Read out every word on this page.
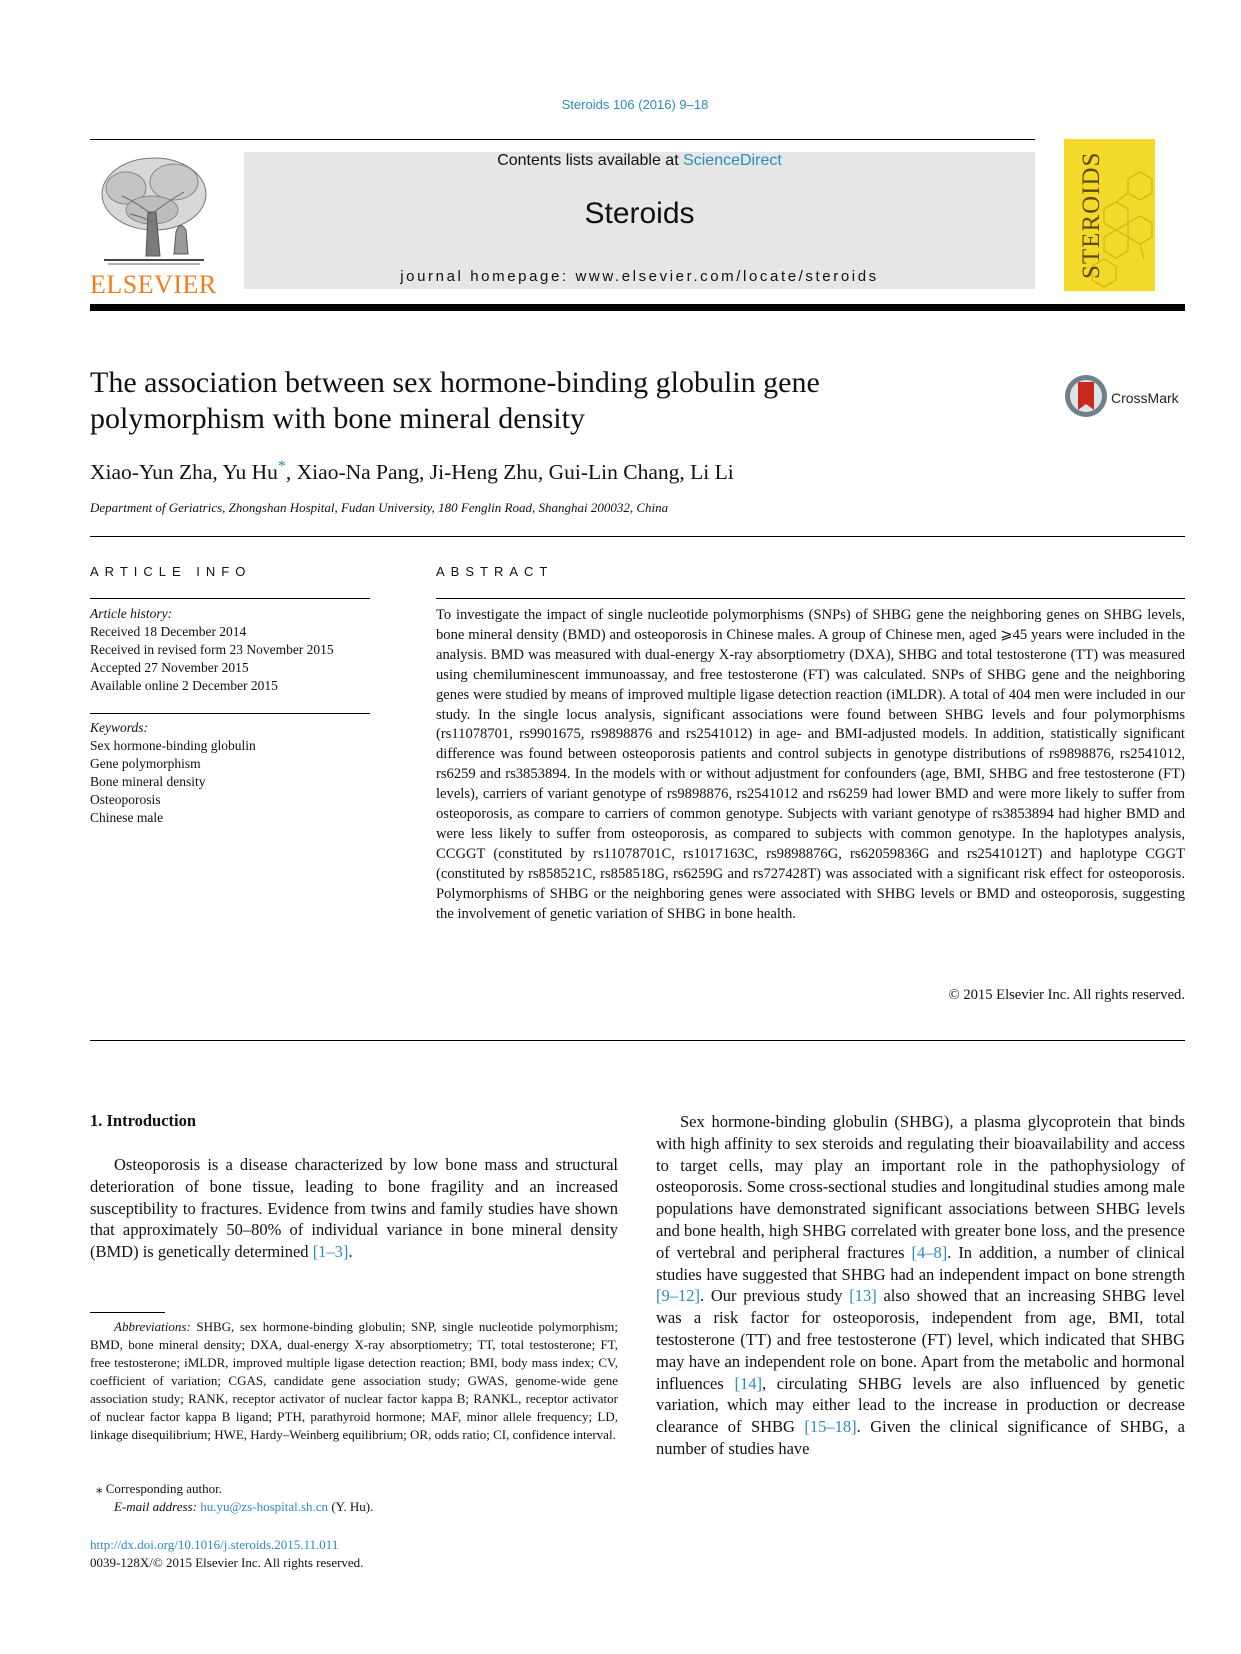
Steroids 106 (2016) 9–18
ELSEVIER
Contents lists available at ScienceDirect
Steroids
journal homepage: www.elsevier.com/locate/steroids	STEROIDS
The association between sex hormone-binding globulin gene polymorphism with bone mineral density
CrossMark
Xiao-Yun Zha, Yu Hu*, Xiao-Na Pang, Ji-Heng Zhu, Gui-Lin Chang, Li Li
Department of Geriatrics, Zhongshan Hospital, Fudan University, 180 Fenglin Road, Shanghai 200032, China
ARTICLE INFO	ABSTRACT
Article history:
Received 18 December 2014
Received in revised form 23 November 2015
Accepted 27 November 2015
Available online 2 December 2015
Keywords:
Sex hormone-binding globulin
Gene polymorphism
Bone mineral density
Osteoporosis
Chinese male
To investigate the impact of single nucleotide polymorphisms (SNPs) of SHBG gene the neighboring genes on SHBG levels, bone mineral density (BMD) and osteoporosis in Chinese males. A group of Chinese men, aged ⩾45 years were included in the analysis. BMD was measured with dual-energy X-ray absorptiometry (DXA), SHBG and total testosterone (TT) was measured using chemiluminescent immunoassay, and free testosterone (FT) was calculated. SNPs of SHBG gene and the neighboring genes were studied by means of improved multiple ligase detection reaction (iMLDR). A total of 404 men were included in our study. In the single locus analysis, significant associations were found between SHBG levels and four polymorphisms (rs11078701, rs9901675, rs9898876 and rs2541012) in age- and BMI-adjusted models. In addition, statistically significant difference was found between osteoporosis patients and control subjects in genotype distributions of rs9898876, rs2541012, rs6259 and rs3853894. In the models with or without adjustment for confounders (age, BMI, SHBG and free testosterone (FT) levels), carriers of variant genotype of rs9898876, rs2541012 and rs6259 had lower BMD and were more likely to suffer from osteoporosis, as compare to carriers of common genotype. Subjects with variant genotype of rs3853894 had higher BMD and were less likely to suffer from osteoporosis, as compared to subjects with common genotype. In the haplotypes analysis, CCGGT (constituted by rs11078701C, rs1017163C, rs9898876G, rs62059836G and rs2541012T) and haplotype CGGT (constituted by rs858521C, rs858518G, rs6259G and rs727428T) was associated with a significant risk effect for osteoporosis. Polymorphisms of SHBG or the neighboring genes were associated with SHBG levels or BMD and osteoporosis, suggesting the involvement of genetic variation of SHBG in bone health.
© 2015 Elsevier Inc. All rights reserved.
1. Introduction
Osteoporosis is a disease characterized by low bone mass and structural deterioration of bone tissue, leading to bone fragility and an increased susceptibility to fractures. Evidence from twins and family studies have shown that approximately 50–80% of individual variance in bone mineral density (BMD) is genetically determined [1–3].
Sex hormone-binding globulin (SHBG), a plasma glycoprotein that binds with high affinity to sex steroids and regulating their bioavailability and access to target cells, may play an important role in the pathophysiology of osteoporosis. Some cross-sectional studies and longitudinal studies among male populations have demonstrated significant associations between SHBG levels and bone health, high SHBG correlated with greater bone loss, and the presence of vertebral and peripheral fractures [4–8]. In addition, a number of clinical studies have suggested that SHBG had an independent impact on bone strength [9–12]. Our previous study [13] also showed that an increasing SHBG level was a risk factor for osteoporosis, independent from age, BMI, total testosterone (TT) and free testosterone (FT) level, which indicated that SHBG may have an independent role on bone. Apart from the metabolic and hormonal influences [14], circulating SHBG levels are also influenced by genetic variation, which may either lead to the increase in production or decrease clearance of SHBG [15–18]. Given the clinical significance of SHBG, a number of studies have
Abbreviations: SHBG, sex hormone-binding globulin; SNP, single nucleotide polymorphism; BMD, bone mineral density; DXA, dual-energy X-ray absorptiometry; TT, total testosterone; FT, free testosterone; iMLDR, improved multiple ligase detection reaction; BMI, body mass index; CV, coefficient of variation; CGAS, candidate gene association study; GWAS, genome-wide gene association study; RANK, receptor activator of nuclear factor kappa B; RANKL, receptor activator of nuclear factor kappa B ligand; PTH, parathyroid hormone; MAF, minor allele frequency; LD, linkage disequilibrium; HWE, Hardy–Weinberg equilibrium; OR, odds ratio; CI, confidence interval.
⁎ Corresponding author.
E-mail address: hu.yu@zs-hospital.sh.cn (Y. Hu).
http://dx.doi.org/10.1016/j.steroids.2015.11.011
0039-128X/© 2015 Elsevier Inc. All rights reserved.
